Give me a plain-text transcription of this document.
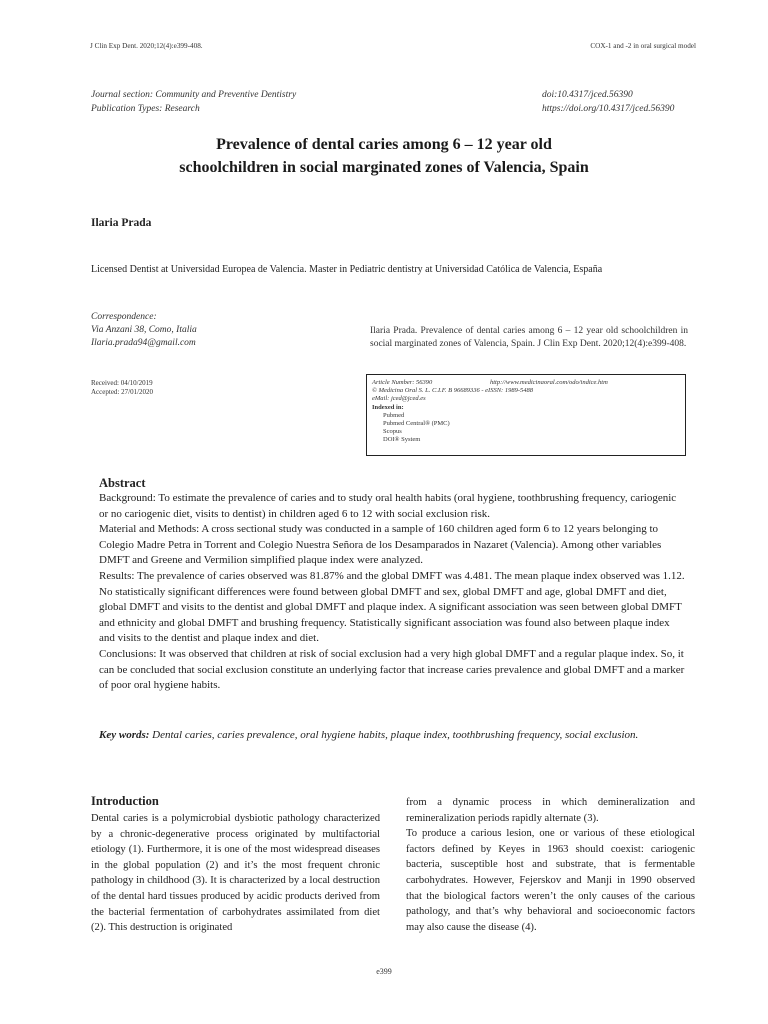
J Clin Exp Dent. 2020;12(4):e399-408.	COX-1 and -2 in oral surgical model
Journal section: Community and Preventive Dentistry
Publication Types: Research
doi:10.4317/jced.56390
https://doi.org/10.4317/jced.56390
Prevalence of dental caries among 6 – 12 year old
schoolchildren in social marginated zones of Valencia, Spain
Ilaria Prada
Licensed Dentist at Universidad Europea de Valencia. Master in Pediatric dentistry at Universidad Católica de Valencia, España
Correspondence:
Via Anzani 38, Como, Italia
Ilaria.prada94@gmail.com
Ilaria Prada. Prevalence of dental caries among 6 – 12 year old schoolchildren in social marginated zones of Valencia, Spain. J Clin Exp Dent. 2020;12(4):e399-408.
Received: 04/10/2019
Accepted: 27/01/2020
Article Number: 56390	http://www.medicinaoral.com/odo/indice.htm
© Medicina Oral S. L. C.I.F. B 96689336 - eISSN: 1989-5488
eMail: jced@jced.es
Indexed in:
Pubmed
Pubmed Central® (PMC)
Scopus
DOI® System
Abstract

Background: To estimate the prevalence of caries and to study oral health habits (oral hygiene, toothbrushing frequency, cariogenic or no cariogenic diet, visits to dentist) in children aged 6 to 12 with social exclusion risk.

Material and Methods: A cross sectional study was conducted in a sample of 160 children aged form 6 to 12 years belonging to Colegio Madre Petra in Torrent and Colegio Nuestra Señora de los Desamparados in Nazaret (Valencia). Among other variables DMFT and Greene and Vermilion simplified plaque index were analyzed.

Results: The prevalence of caries observed was 81.87% and the global DMFT was 4.481. The mean plaque index observed was 1.12. No statistically significant differences were found between global DMFT and sex, global DMFT and age, global DMFT and diet, global DMFT and visits to the dentist and global DMFT and plaque index. A significant association was seen between global DMFT and ethnicity and global DMFT and brushing frequency. Statistically significant association was found also between plaque index and visits to the dentist and plaque index and diet.

Conclusions: It was observed that children at risk of social exclusion had a very high global DMFT and a regular plaque index. So, it can be concluded that social exclusion constitute an underlying factor that increase caries prevalence and global DMFT and a marker of poor oral hygiene habits.

Key words: Dental caries, caries prevalence, oral hygiene habits, plaque index, toothbrushing frequency, social exclusion.
Introduction
Dental caries is a polymicrobial dysbiotic pathology characterized by a chronic-degenerative process originated by multifactorial etiology (1). Furthermore, it is one of the most widespread diseases in the global population (2) and it’s the most frequent chronic pathology in childhood (3). It is characterized by a local destruction of the dental hard tissues produced by acidic products derived from the bacterial fermentation of carbohydrates assimilated from diet (2). This destruction is originated

from a dynamic process in which demineralization and remineralization periods rapidly alternate (3).

To produce a carious lesion, one or various of these etiological factors defined by Keyes in 1963 should coexist: cariogenic bacteria, susceptible host and substrate, that is fermentable carbohydrates. However, Fejerskov and Manji in 1990 observed that the biological factors weren’t the only causes of the carious pathology, and that’s why behavioral and socioeconomic factors may also cause the disease (4).

e399
